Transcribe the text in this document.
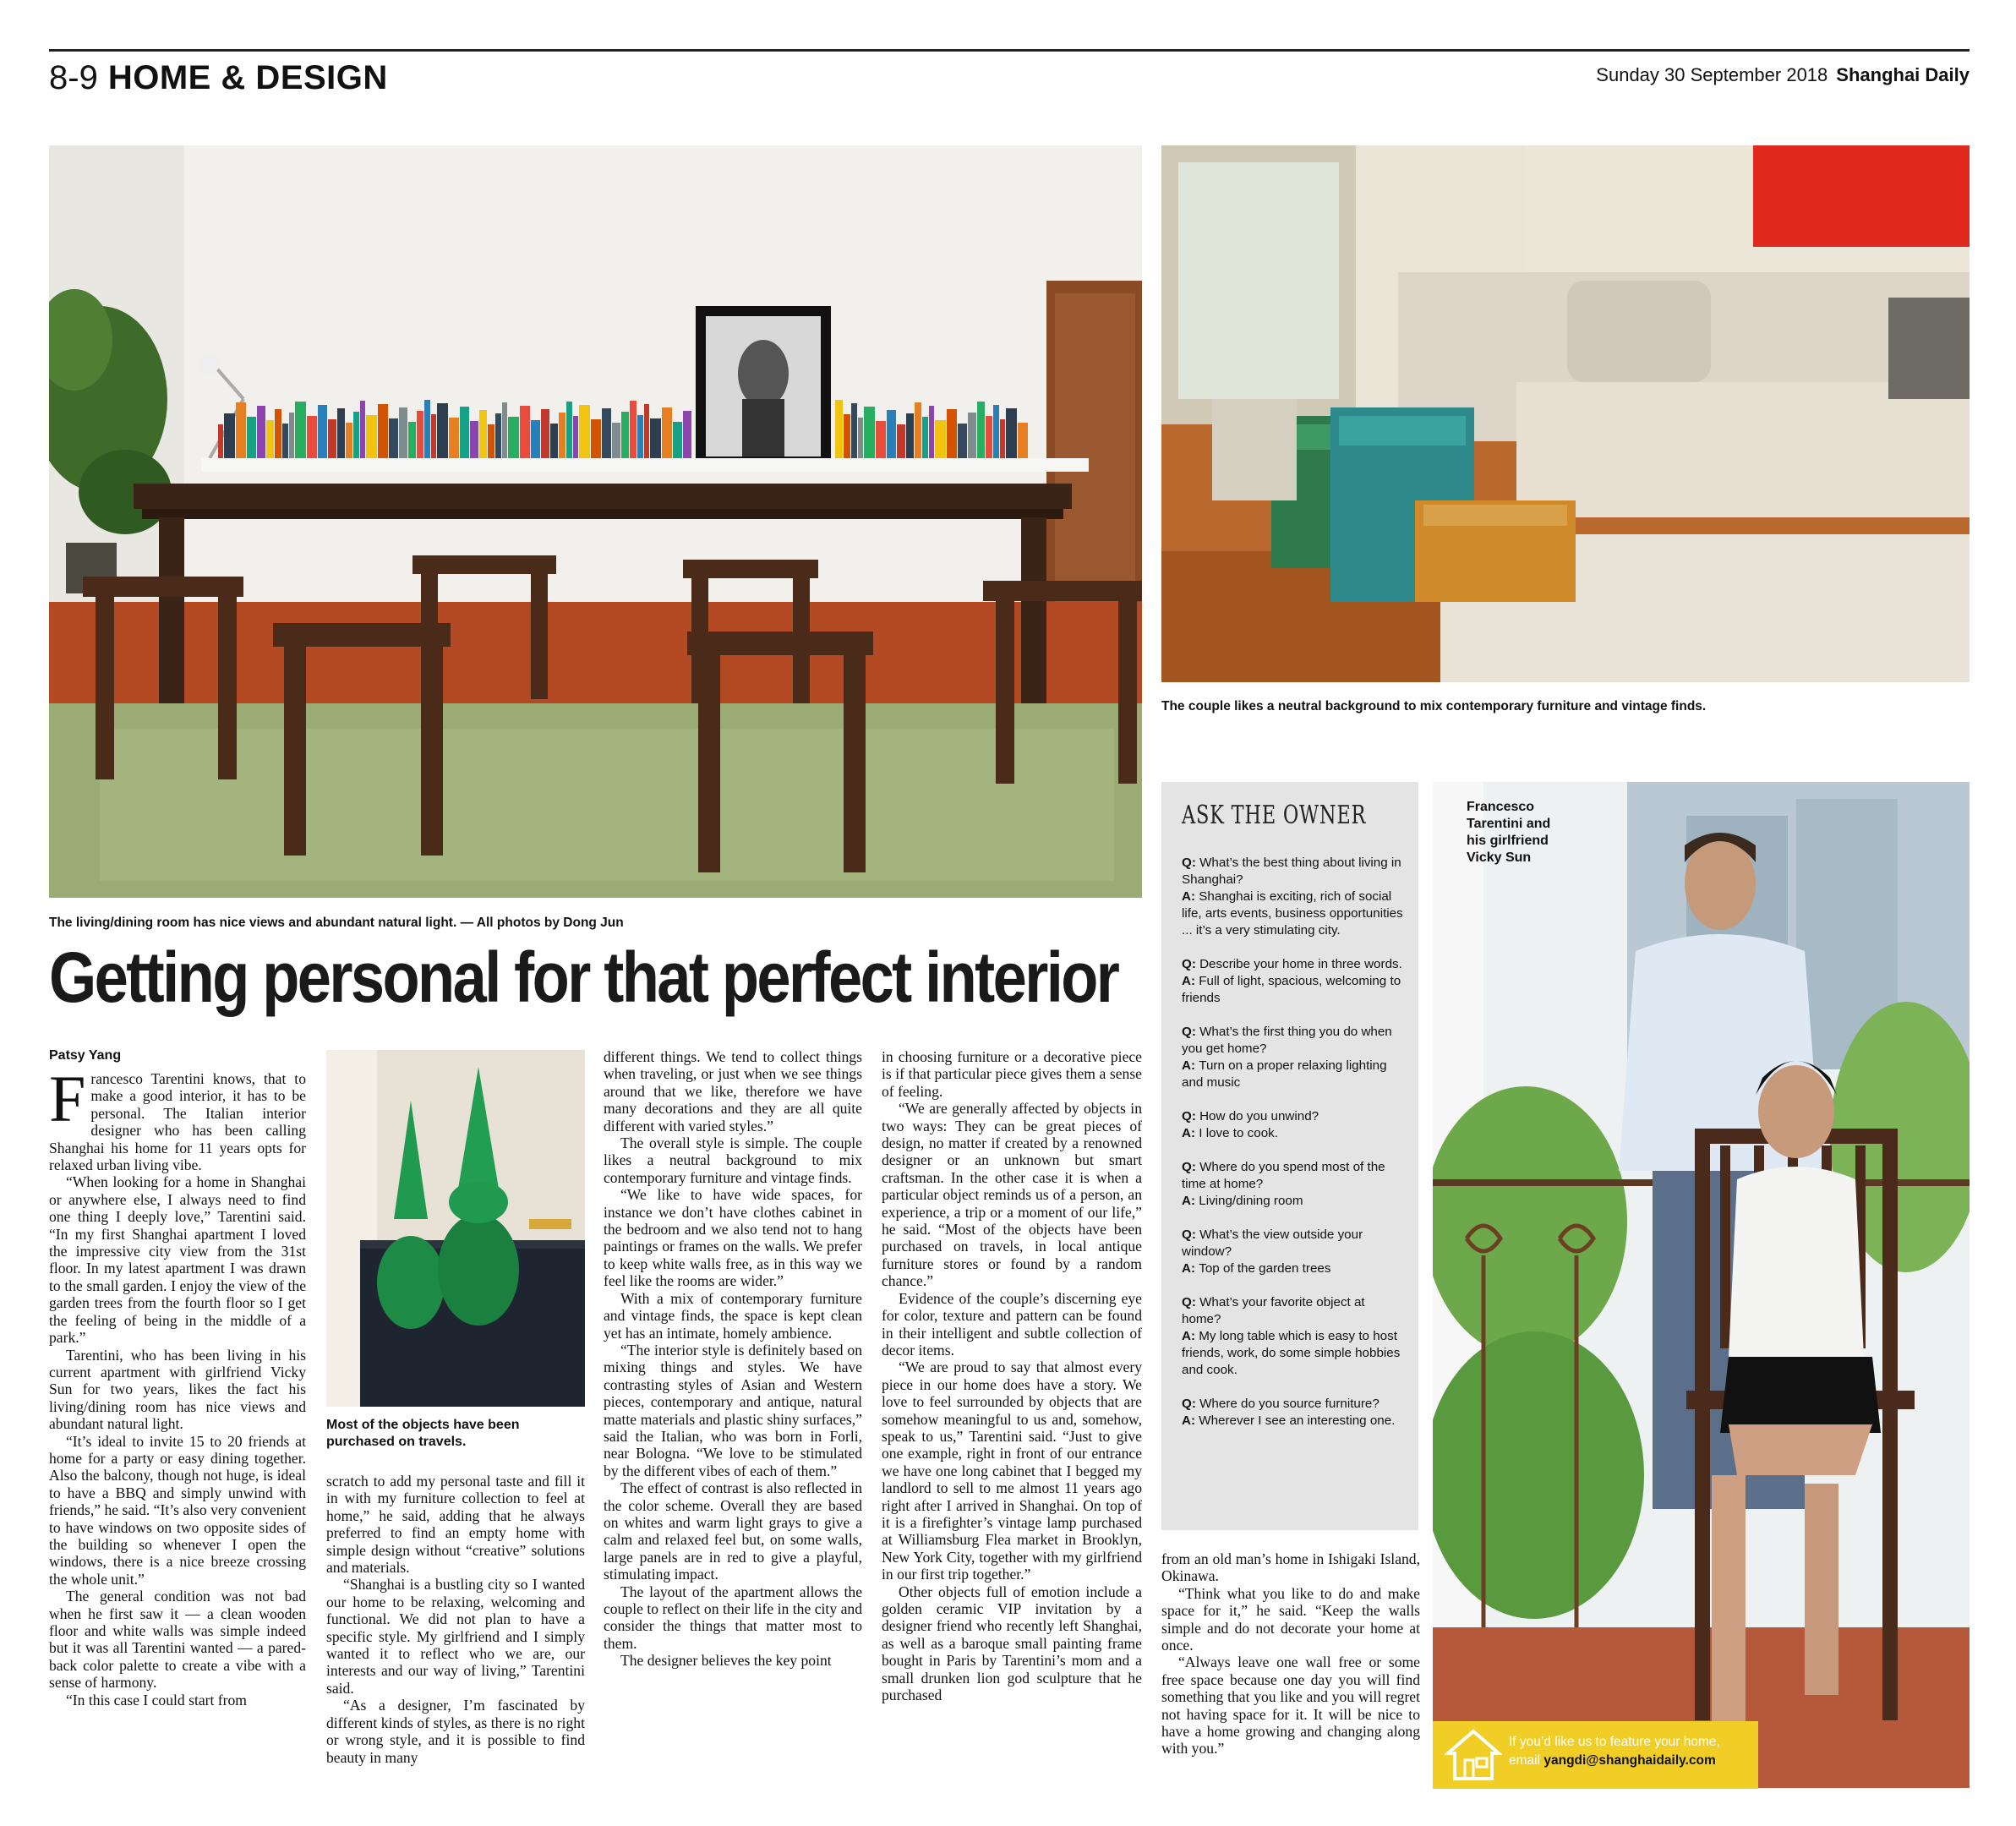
8-9 HOME & DESIGN	Sunday 30 September 2018 Shanghai Daily
The living/dining room has nice views and abundant natural light. — All photos by Dong Jun
The couple likes a neutral background to mix contemporary furniture and vintage finds.
Getting personal for that perfect interior
Patsy Yang

Francesco Tarentini knows, that to make a good interior, it has to be personal. The Italian interior designer who has been calling Shanghai his home for 11 years opts for relaxed urban living vibe.

“When looking for a home in Shanghai or anywhere else, I always need to find one thing I deeply love,” Tarentini said. “In my first Shanghai apartment I loved the impressive city view from the 31st floor. In my latest apartment I was drawn to the small garden. I enjoy the view of the garden trees from the fourth floor so I get the feeling of being in the middle of a park.”

Tarentini, who has been living in his current apartment with girlfriend Vicky Sun for two years, likes the fact his living/dining room has nice views and abundant natural light.

“It’s ideal to invite 15 to 20 friends at home for a party or easy dining together. Also the balcony, though not huge, is ideal to have a BBQ and simply unwind with friends,” he said. “It’s also very convenient to have windows on two opposite sides of the building so whenever I open the windows, there is a nice breeze crossing the whole unit.”

The general condition was not bad when he first saw it — a clean wooden floor and white walls was simple indeed but it was all Tarentini wanted — a pared-back color palette to create a vibe with a sense of harmony.

“In this case I could start from

Most of the objects have been purchased on travels.

scratch to add my personal taste and fill it in with my furniture collection to feel at home,” he said, adding that he always preferred to find an empty home with simple design without “creative” solutions and materials.

“Shanghai is a bustling city so I wanted our home to be relaxing, welcoming and functional. We did not plan to have a specific style. My girlfriend and I simply wanted it to reflect who we are, our interests and our way of living,” Tarentini said.

“As a designer, I’m fascinated by different kinds of styles, as there is no right or wrong style, and it is possible to find beauty in many

different things. We tend to collect things when traveling, or just when we see things around that we like, therefore we have many decorations and they are all quite different with varied styles.”

The overall style is simple. The couple likes a neutral background to mix contemporary furniture and vintage finds.

“We like to have wide spaces, for instance we don’t have clothes cabinet in the bedroom and we also tend not to hang paintings or frames on the walls. We prefer to keep white walls free, as in this way we feel like the rooms are wider.”

With a mix of contemporary furniture and vintage finds, the space is kept clean yet has an intimate, homely ambience.

“The interior style is definitely based on mixing things and styles. We have contrasting styles of Asian and Western pieces, contemporary and antique, natural matte materials and plastic shiny surfaces,” said the Italian, who was born in Forli, near Bologna. “We love to be stimulated by the different vibes of each of them.”

The effect of contrast is also reflected in the color scheme. Overall they are based on whites and warm light grays to give a calm and relaxed feel but, on some walls, large panels are in red to give a playful, stimulating impact.

The layout of the apartment allows the couple to reflect on their life in the city and consider the things that matter most to them.

The designer believes the key point

in choosing furniture or a decorative piece is if that particular piece gives them a sense of feeling.

“We are generally affected by objects in two ways: They can be great pieces of design, no matter if created by a renowned designer or an unknown but smart craftsman. In the other case it is when a particular object reminds us of a person, an experience, a trip or a moment of our life,” he said. “Most of the objects have been purchased on travels, in local antique furniture stores or found by a random chance.”

Evidence of the couple’s discerning eye for color, texture and pattern can be found in their intelligent and subtle collection of decor items.

“We are proud to say that almost every piece in our home does have a story. We love to feel surrounded by objects that are somehow meaningful to us and, somehow, speak to us,” Tarentini said. “Just to give one example, right in front of our entrance we have one long cabinet that I begged my landlord to sell to me almost 11 years ago right after I arrived in Shanghai. On top of it is a firefighter’s vintage lamp purchased at Williamsburg Flea market in Brooklyn, New York City, together with my girlfriend in our first trip together.”

Other objects full of emotion include a golden ceramic VIP invitation by a designer friend who recently left Shanghai, as well as a baroque small painting frame bought in Paris by Tarentini’s mom and a small drunken lion god sculpture that he purchased

ASK THE OWNER
Q: What’s the best thing about living in Shanghai?
A: Shanghai is exciting, rich of social life, arts events, business opportunities ... it’s a very stimulating city.
Q: Describe your home in three words.
A: Full of light, spacious, welcoming to friends
Q: What’s the first thing you do when you get home?
A: Turn on a proper relaxing lighting and music
Q: How do you unwind?
A: I love to cook.
Q: Where do you spend most of the time at home?
A: Living/dining room
Q: What’s the view outside your window?
A: Top of the garden trees
Q: What’s your favorite object at home?
A: My long table which is easy to host friends, work, do some simple hobbies and cook.
Q: Where do you source furniture?
A: Wherever I see an interesting one.

from an old man’s home in Ishigaki Island, Okinawa.

“Think what you like to do and make space for it,” he said. “Keep the walls simple and do not decorate your home at once.

“Always leave one wall free or some free space because one day you will find something that you like and you will regret not having space for it. It will be nice to have a home growing and changing along with you.”

Francesco
Tarentini and
his girlfriend
Vicky Sun
If you’d like us to feature your home,
email yangdi@shanghaidaily.com
